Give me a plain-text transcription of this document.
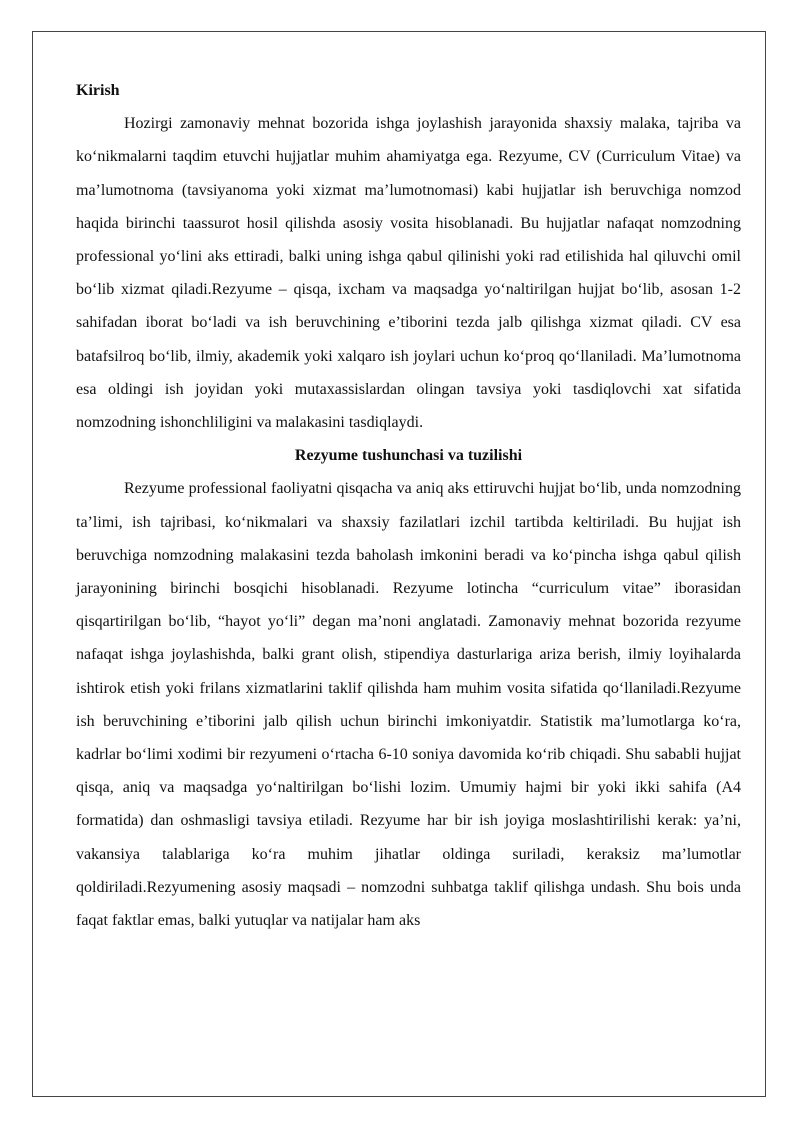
Kirish

Hozirgi zamonaviy mehnat bozorida ishga joylashish jarayonida shaxsiy malaka, tajriba va ko‘nikmalarni taqdim etuvchi hujjatlar muhim ahamiyatga ega. Rezyume, CV (Curriculum Vitae) va ma’lumotnoma (tavsiyanoma yoki xizmat ma’lumotnomasi) kabi hujjatlar ish beruvchiga nomzod haqida birinchi taassurot hosil qilishda asosiy vosita hisoblanadi. Bu hujjatlar nafaqat nomzodning professional yo‘lini aks ettiradi, balki uning ishga qabul qilinishi yoki rad etilishida hal qiluvchi omil bo‘lib xizmat qiladi.Rezyume – qisqa, ixcham va maqsadga yo‘naltirilgan hujjat bo‘lib, asosan 1-2 sahifadan iborat bo‘ladi va ish beruvchining e’tiborini tezda jalb qilishga xizmat qiladi. CV esa batafsilroq bo‘lib, ilmiy, akademik yoki xalqaro ish joylari uchun ko‘proq qo‘llaniladi. Ma’lumotnoma esa oldingi ish joyidan yoki mutaxassislardan olingan tavsiya yoki tasdiqlovchi xat sifatida nomzodning ishonchliligini va malakasini tasdiqlaydi.

Rezyume tushunchasi va tuzilishi

Rezyume professional faoliyatni qisqacha va aniq aks ettiruvchi hujjat bo‘lib, unda nomzodning ta’limi, ish tajribasi, ko‘nikmalari va shaxsiy fazilatlari izchil tartibda keltiriladi. Bu hujjat ish beruvchiga nomzodning malakasini tezda baholash imkonini beradi va ko‘pincha ishga qabul qilish jarayonining birinchi bosqichi hisoblanadi. Rezyume lotincha “curriculum vitae” iborasidan qisqartirilgan bo‘lib, “hayot yo‘li” degan ma’noni anglatadi. Zamonaviy mehnat bozorida rezyume nafaqat ishga joylashishda, balki grant olish, stipendiya dasturlariga ariza berish, ilmiy loyihalarda ishtirok etish yoki frilans xizmatlarini taklif qilishda ham muhim vosita sifatida qo‘llaniladi.Rezyume ish beruvchining e’tiborini jalb qilish uchun birinchi imkoniyatdir. Statistik ma’lumotlarga ko‘ra, kadrlar bo‘limi xodimi bir rezyumeni o‘rtacha 6-10 soniya davomida ko‘rib chiqadi. Shu sababli hujjat qisqa, aniq va maqsadga yo‘naltirilgan bo‘lishi lozim. Umumiy hajmi bir yoki ikki sahifa (A4 formatida) dan oshmasligi tavsiya etiladi. Rezyume har bir ish joyiga moslashtirilishi kerak: ya’ni, vakansiya talablariga ko‘ra muhim jihatlar oldinga suriladi, keraksiz ma’lumotlar qoldiriladi.Rezyumening asosiy maqsadi – nomzodni suhbatga taklif qilishga undash. Shu bois unda faqat faktlar emas, balki yutuqlar va natijalar ham aks
